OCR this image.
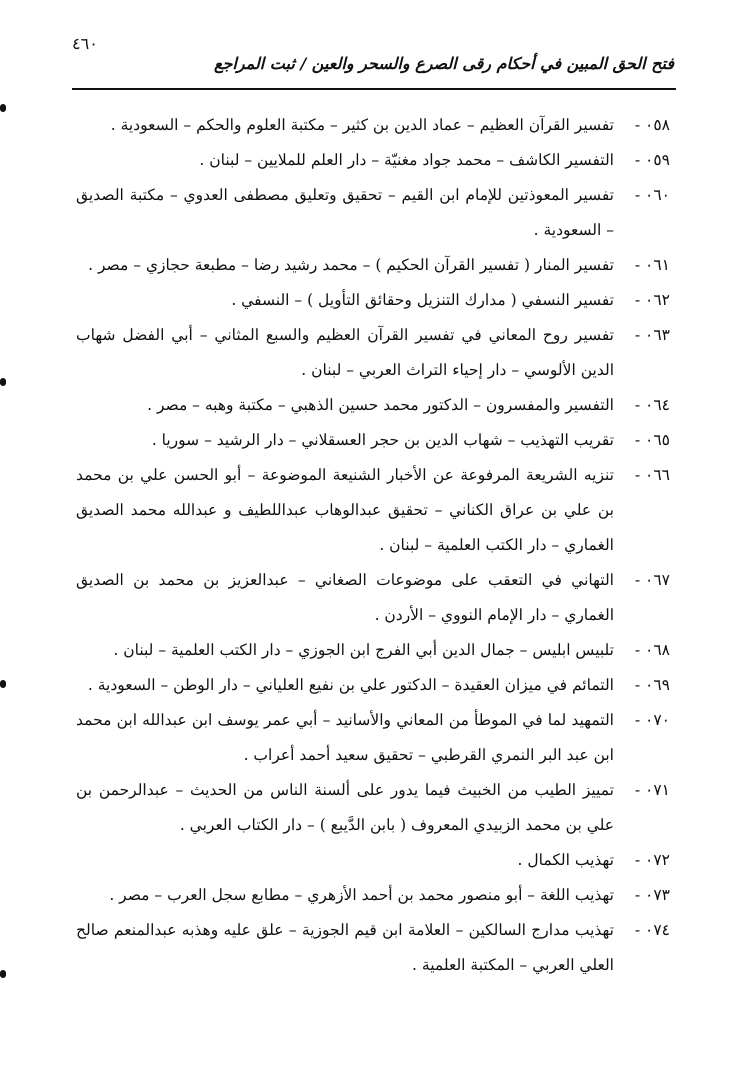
٤٦٠
فتح الحق المبين في أحكام رقى الصرع والسحر والعين / ثبت المراجع
٠٥٨ -
تفسير القرآن العظيم – عماد الدين بن كثير – مكتبة العلوم والحكم – السعودية .
٠٥٩ -
التفسير الكاشف – محمد جواد مغنيّة – دار العلم للملايين – لبنان .
٠٦٠ -
تفسير المعوذتين للإمام ابن القيم – تحقيق وتعليق مصطفى العدوي – مكتبة الصديق – السعودية .
٠٦١ -
تفسير المنار ( تفسير القرآن الحكيم ) – محمد رشيد رضا – مطبعة حجازي – مصر .
٠٦٢ -
تفسير النسفي ( مدارك التنزيل وحقائق التأويل ) – النسفي .
٠٦٣ -
تفسير روح المعاني في تفسير القرآن العظيم والسبع المثاني – أبي الفضل شهاب الدين الألوسي – دار إحياء التراث العربي – لبنان .
٠٦٤ -
التفسير والمفسرون – الدكتور محمد حسين الذهبي – مكتبة وهبه – مصر .
٠٦٥ -
تقريب التهذيب – شهاب الدين بن حجر العسقلاني – دار الرشيد – سوريا .
٠٦٦ -
تنزيه الشريعة المرفوعة عن الأخبار الشنيعة الموضوعة – أبو الحسن علي بن محمد بن علي بن عراق الكناني – تحقيق عبدالوهاب عبداللطيف و عبدالله محمد الصديق الغماري – دار الكتب العلمية – لبنان .
٠٦٧ -
التهاني في التعقب على موضوعات الصغاني – عبدالعزيز بن محمد بن الصديق الغماري – دار الإمام النووي – الأردن .
٠٦٨ -
تلبيس ابليس – جمال الدين أبي الفرج ابن الجوزي – دار الكتب العلمية – لبنان .
٠٦٩ -
التمائم في ميزان العقيدة – الدكتور علي بن نفيع العلياني – دار الوطن – السعودية .
٠٧٠ -
التمهيد لما في الموطأ من المعاني والأسانيد – أبي عمر يوسف ابن عبدالله ابن محمد ابن عبد البر النمري القرطبي – تحقيق سعيد أحمد أعراب .
٠٧١ -
تمييز الطيب من الخبيث فيما يدور على ألسنة الناس من الحديث – عبدالرحمن بن علي بن محمد الزبيدي المعروف ( بابن الدَّيبع ) – دار الكتاب العربي .
٠٧٢ -
تهذيب الكمال .
٠٧٣ -
تهذيب اللغة – أبو منصور محمد بن أحمد الأزهري – مطابع سجل العرب – مصر .
٠٧٤ -
تهذيب مدارج السالكين – العلامة ابن قيم الجوزية – علق عليه وهذبه عبدالمنعم صالح العلي العربي – المكتبة العلمية .
